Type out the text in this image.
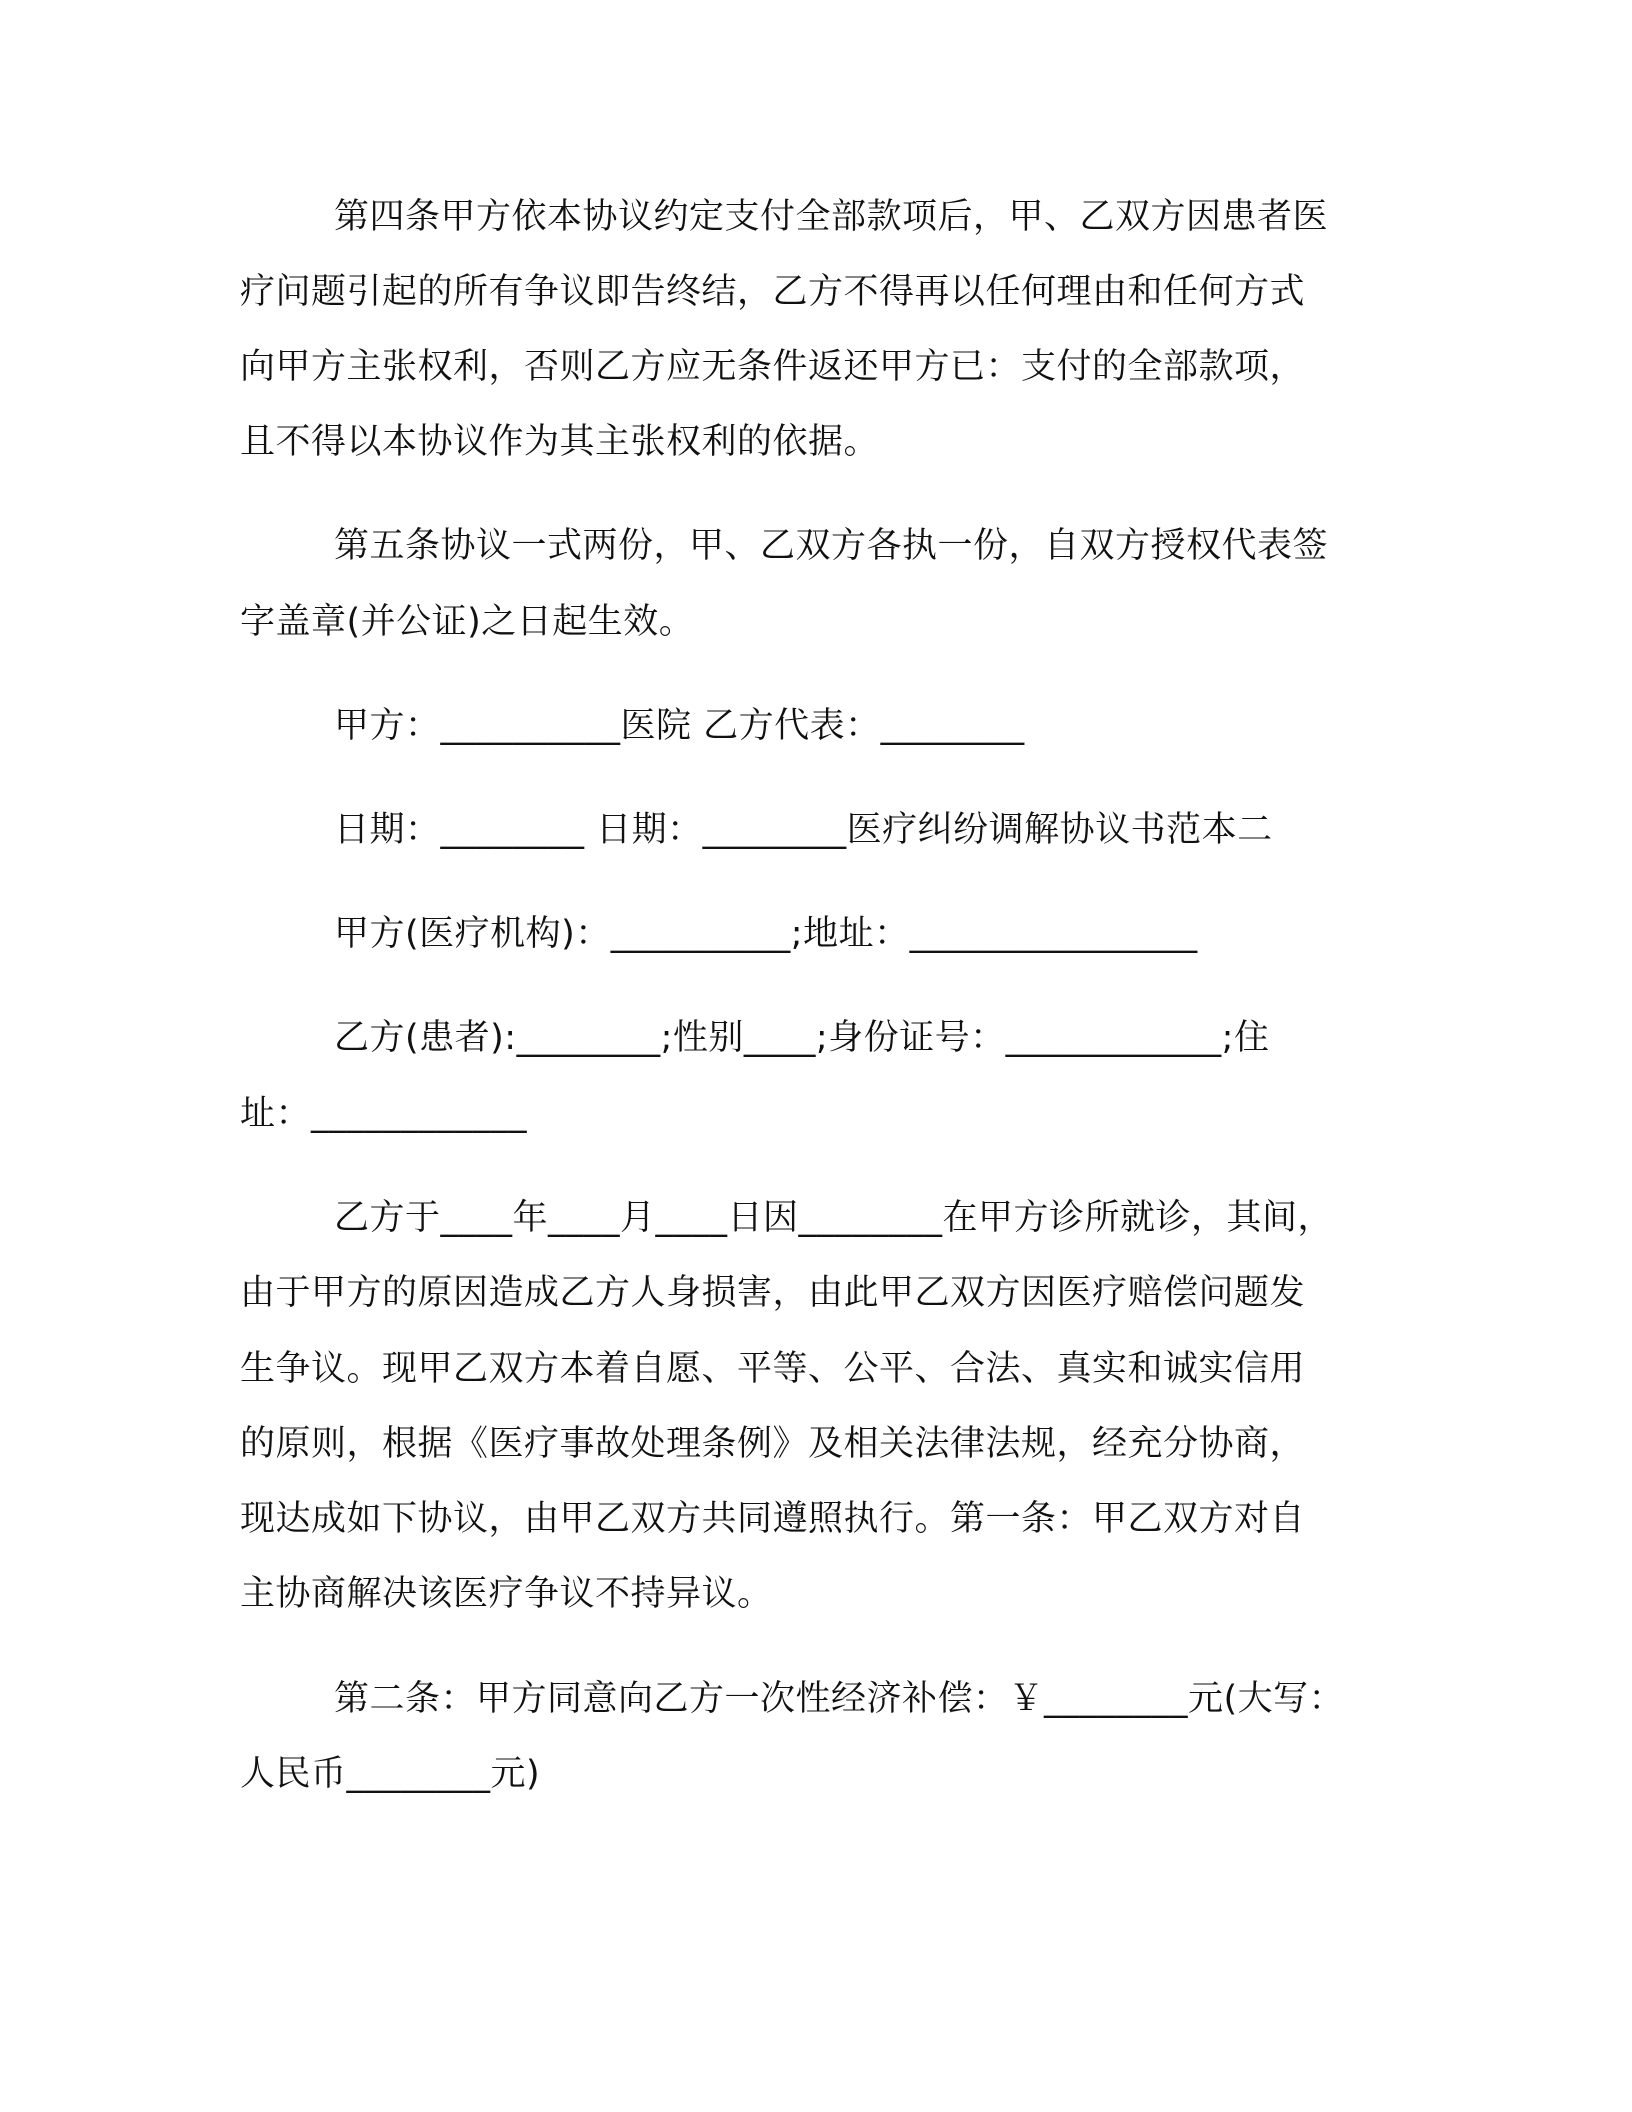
第四条甲方依本协议约定支付全部款项后，甲、乙双方因患者医
疗问题引起的所有争议即告终结，乙方不得再以任何理由和任何方式
向甲方主张权利，否则乙方应无条件返还甲方已：支付的全部款项，
且不得以本协议作为其主张权利的依据。
第五条协议一式两份，甲、乙双方各执一份，自双方授权代表签
字盖章(并公证)之日起生效。
甲方：__________医院 乙方代表：________
日期：________ 日期：________医疗纠纷调解协议书范本二
甲方(医疗机构)：__________;地址：________________
乙方(患者):________;性别____;身份证号：____________;住
址：____________
乙方于____年____月____日因________在甲方诊所就诊，其间，
由于甲方的原因造成乙方人身损害，由此甲乙双方因医疗赔偿问题发
生争议。现甲乙双方本着自愿、平等、公平、合法、真实和诚实信用
的原则，根据《医疗事故处理条例》及相关法律法规，经充分协商，
现达成如下协议，由甲乙双方共同遵照执行。第一条：甲乙双方对自
主协商解决该医疗争议不持异议。
第二条：甲方同意向乙方一次性经济补偿：￥________元(大写：
人民币________元)
